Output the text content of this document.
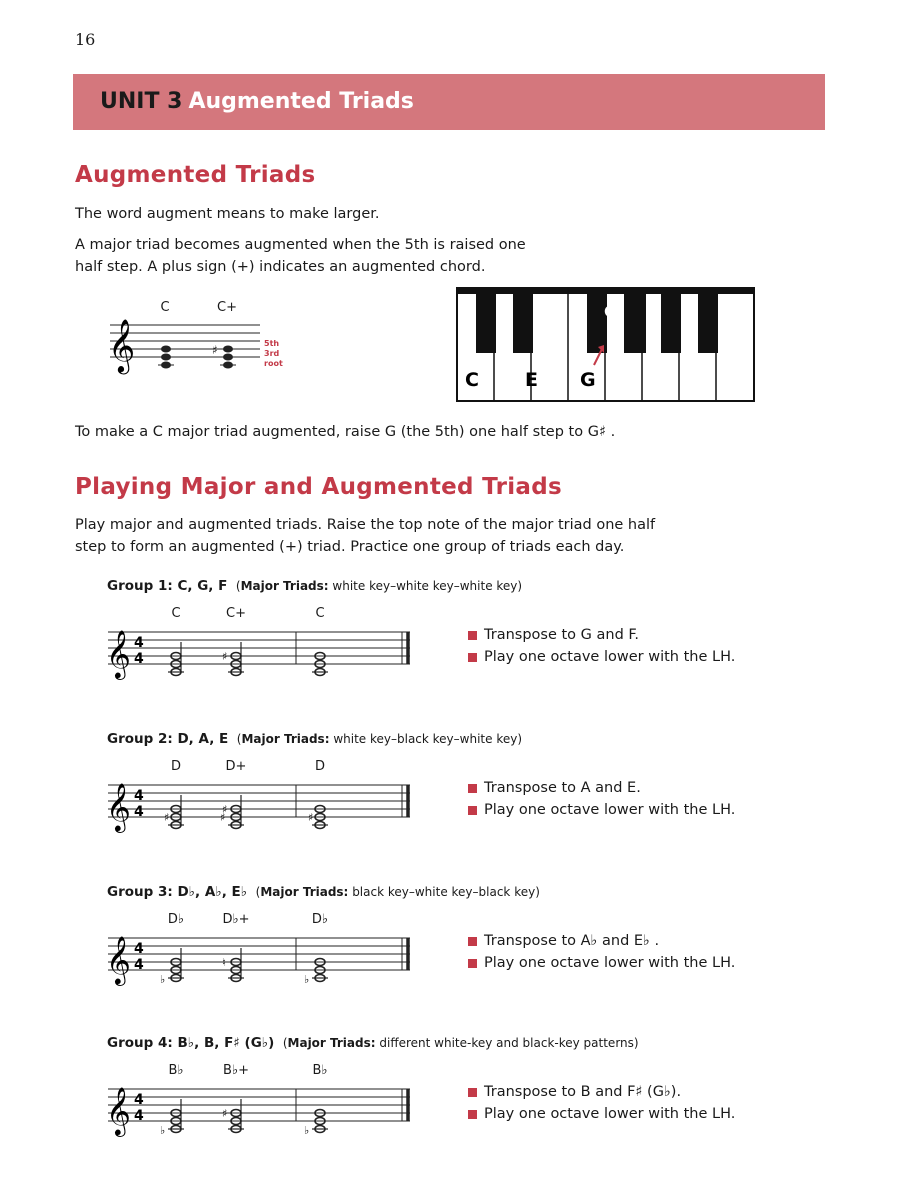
16
UNIT 3 Augmented Triads
Augmented Triads
The word augment means to make larger.
A major triad becomes augmented when the 5th is raised one
half step. A plus sign (+) indicates an augmented chord.
𝄞	♯	5th
3rd
root
C	C+
C E G
G
♯
To make a C major triad augmented, raise G (the 5th) one half step to G♯ .
Playing Major and Augmented Triads
Play major and augmented triads. Raise the top note of the major triad one half
step to form an augmented (+) triad. Practice one group of triads each day.
Group 1: C, G, F  (Major Triads: white key–white key–white key)
C	C+	C
𝄞 4
4	♯
Transpose to G and F.
Play one octave lower with the LH.
Group 2: D, A, E  (Major Triads: white key–black key–white key)
D	D+	D
𝄞 4
4 ♯
♯
♯	♯
Transpose to A and E.
Play one octave lower with the LH.
Group 3: D♭, A♭, E♭  (Major Triads: black key–white key–black key)
D♭	D♭+	D♭
𝄞 4
4
♭
♮
♭
Transpose to A♭ and E♭ .
Play one octave lower with the LH.
Group 4: B♭, B, F♯ (G♭)  (Major Triads: different white-key and black-key patterns)
B♭	B♭+	B♭
𝄞 4
4
♭
♯
♭
Transpose to B and F♯ (G♭).
Play one octave lower with the LH.
